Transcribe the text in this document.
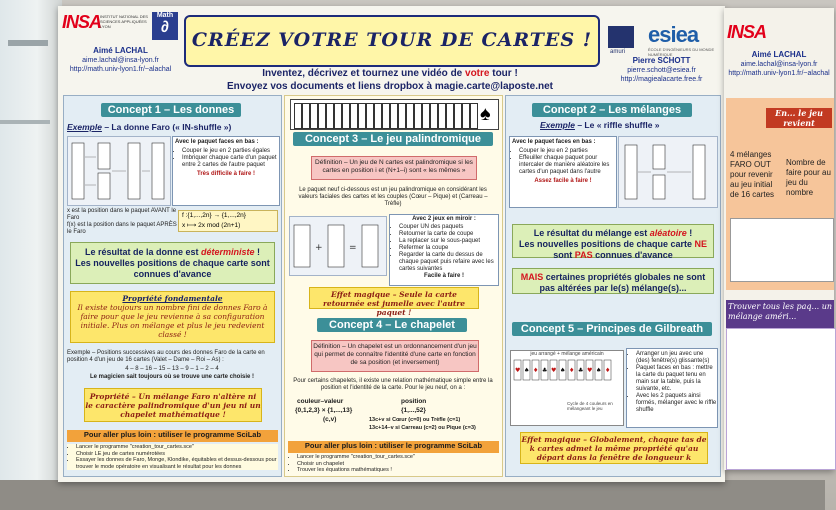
INSA
INSTITUT NATIONAL DES SCIENCES APPLIQUÉES LYON
Math
∂
Aimé LACHAL
aime.lachal@insa-lyon.fr
http://math.univ-lyon1.fr/~alachal
CRÉEZ VOTRE TOUR DE CARTES !
Inventez, décrivez et tournez une vidéo de votre tour !
Envoyez vos documents et liens dropbox à magie.carte@laposte.net
amuri
esiea
ÉCOLE D'INGÉNIEURS DU MONDE NUMÉRIQUE
Pierre SCHOTT
pierre.schott@esiea.fr
http://magiealacarte.free.fr
Concept 1 – Les donnes
Exemple – La donne Faro (« IN-shuffle »)
Avec le paquet faces en bas :
• Couper le jeu en 2 parties égales
• Imbriquer chaque carte d'un paquet entre 2 cartes de l'autre paquet
Très difficile à faire !
x est la position dans le paquet AVANT le Faro
f(x) est la position dans le paquet APRÈS le Faro
f :{1,...,2n} → {1,...,2n}
x ⟼ 2x mod (2n+1)
Le résultat de la donne est déterministe !
Les nouvelles positions de chaque carte sont connues d'avance
Propriété fondamentale
Il existe toujours un nombre fini de donnes Faro à faire pour que le jeu revienne à sa configuration initiale. Plus on mélange et plus le jeu redevient classé !
Exemple – Positions successives au cours des donnes Faro de la carte en position 4 d'un jeu de 16 cartes (Valet – Dame – Roi – As) :
4 – 8 – 16 – 15 – 13 – 9 – 1 – 2 – 4
Le magicien sait toujours où se trouve une carte choisie !
Propriété – Un mélange Faro n'altère ni le caractère palindromique d'un jeu ni un chapelet mathématique !
Pour aller plus loin : utiliser le programme SciLab
• Lancer le programme "creation_tour_cartes.sce"
• Choisir LE jeu de cartes numérotées
• Essayer les donnes de Faro, Monge, Klondike, équitables et dessus-dessous pour trouver le mode opératoire en visualisant le résultat pour les donnes
♠
Concept 3 – Le jeu palindromique
Définition – Un jeu de N cartes est palindromique si les cartes en position i et (N+1–i) sont « les mêmes »
Le paquet neuf ci-dessous est un jeu palindromique en considérant les valeurs faciales des cartes et les couples (Cœur – Pique) et (Carreau – Trèfle)
+	=
Avec 2 jeux en miroir :
• Couper UN des paquets
• Retourner la carte de coupe
• La replacer sur le sous-paquet
• Refermer la coupe
• Regarder la carte du dessus de chaque paquet puis refaire avec les cartes suivantes
Facile à faire !
Effet magique – Seule la carte retournée est jumelle avec l'autre paquet !
Concept 4 – Le chapelet
Définition – Un chapelet est un ordonnancement d'un jeu qui permet de connaître l'identité d'une carte en fonction de sa position (et inversement)
Pour certains chapelets, il existe une relation mathématique simple entre la position et l'identité de la carte. Pour le jeu neuf, on a :
couleur–valeur
{0,1,2,3} × {1,...,13}
(c,v)
position
{1,...,52}
13c+v si Cœur (c=0) ou Trèfle (c=1)
13c+14–v si Carreau (c=2) ou Pique (c=3)
Pour aller plus loin : utiliser le programme SciLab
• Lancer le programme "creation_tour_cartes.sce"
• Choisir un chapelet
• Trouver les équations mathématiques !
Concept 2 – Les mélanges
Exemple – Le « riffle shuffle »
Avec le paquet faces en bas :
• Couper le jeu en 2 parties
• Effeuiller chaque paquet pour intercaler de manière aléatoire les cartes d'un paquet dans l'autre
Assez facile à faire !
Le résultat du mélange est aléatoire !
Les nouvelles positions de chaque carte NE sont PAS connues d'avance
MAIS certaines propriétés globales ne sont pas altérées par le(s) mélange(s)...
Concept 5 – Principes de Gilbreath
jeu arrangé + mélange américain
♥ ♦ ♥ ♦ ♥ ♦
♠ ♣ ♠ ♣ ♠
Cycle de 4 couleurs en mélangeant le jeu
• Arranger un jeu avec une (des) fenêtre(s) glissante(s)
• Paquet faces en bas : mettre la carte du paquet tenu en main sur la table, puis la suivante, etc.
• Avec les 2 paquets ainsi formés, mélanger avec le riffle shuffle
Effet magique – Globalement, chaque tas de k cartes admet la même propriété qu'au départ dans la fenêtre de longueur k
INSA
Aimé LACHAL
aime.lachal@insa-lyon.fr
http://math.univ-lyon1.fr/~alachal
En... le jeu revient
4 mélanges FARO OUT pour revenir au jeu initial de 16 cartes
Nombre de faire pour au jeu du nombre
Trouver tous les paq... un mélange améri...
